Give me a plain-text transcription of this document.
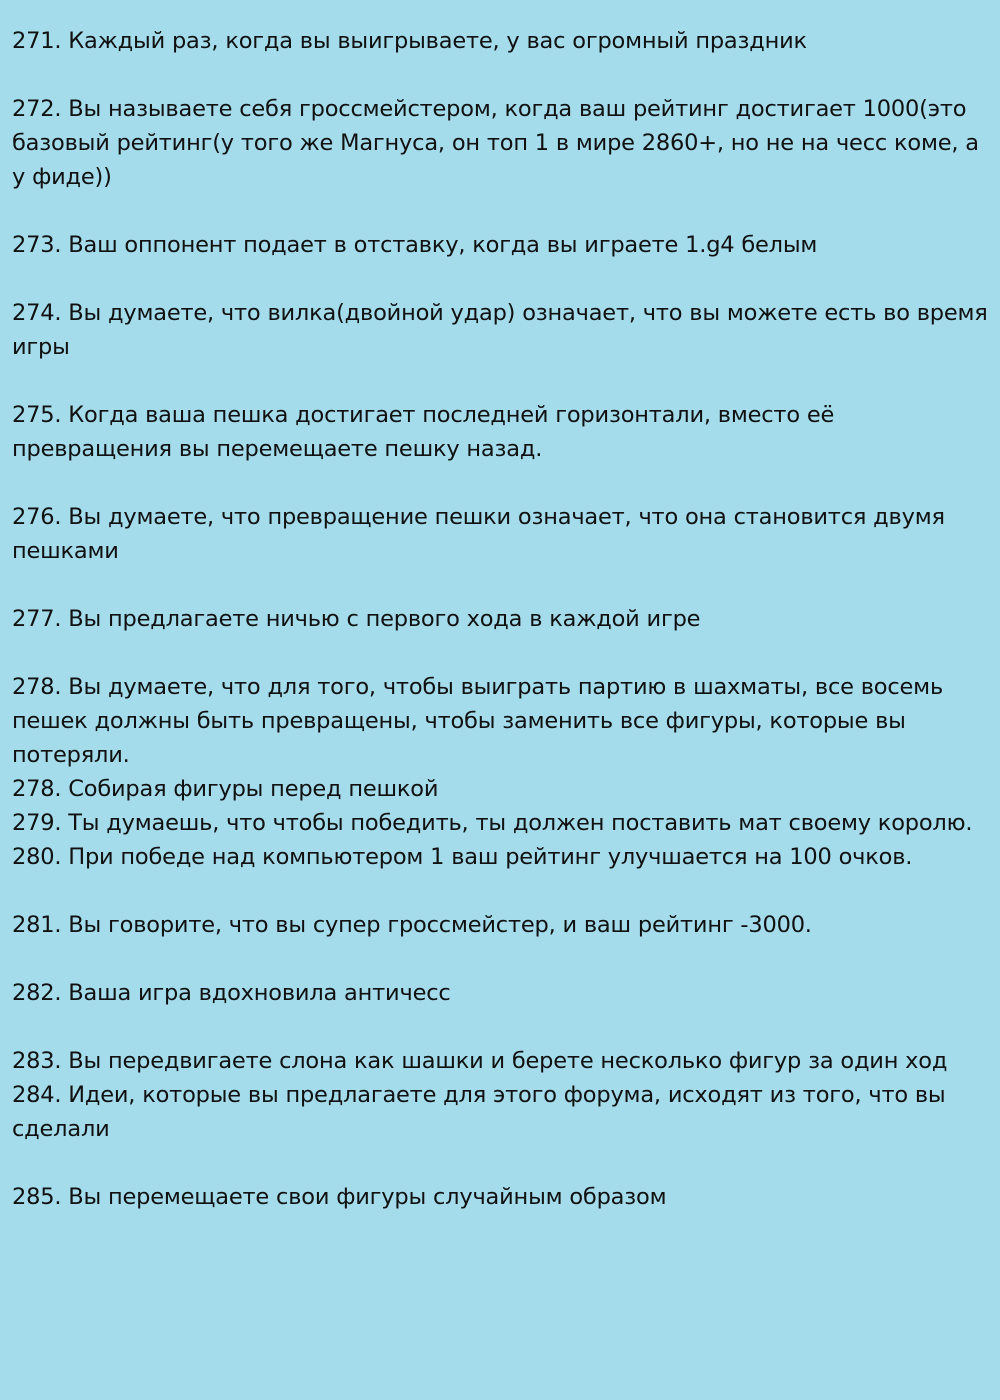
271. Каждый раз, когда вы выигрываете, у вас огромный праздник

272. Вы называете себя гроссмейстером, когда ваш рейтинг достигает 1000(это базовый рейтинг(у того же Магнуса, он топ 1 в мире 2860+, но не на чесс коме, а у фиде))

273. Ваш оппонент подает в отставку, когда вы играете 1.g4 белым

274. Вы думаете, что вилка(двойной удар) означает, что вы можете есть во время игры

275. Когда ваша пешка достигает последней горизонтали, вместо её превращения вы перемещаете пешку назад.

276. Вы думаете, что превращение пешки означает, что она становится двумя пешками

277. Вы предлагаете ничью с первого хода в каждой игре

278. Вы думаете, что для того, чтобы выиграть партию в шахматы, все восемь пешек должны быть превращены, чтобы заменить все фигуры, которые вы потеряли.

278. Собирая фигуры перед пешкой

279. Ты думаешь, что чтобы победить, ты должен поставить мат своему королю.

280. При победе над компьютером 1 ваш рейтинг улучшается на 100 очков.

281. Вы говорите, что вы супер гроссмейстер, и ваш рейтинг -3000.

282. Ваша игра вдохновила античесс

283. Вы передвигаете слона как шашки и берете несколько фигур за один ход

284. Идеи, которые вы предлагаете для этого форума, исходят из того, что вы сделали

285. Вы перемещаете свои фигуры случайным образом
